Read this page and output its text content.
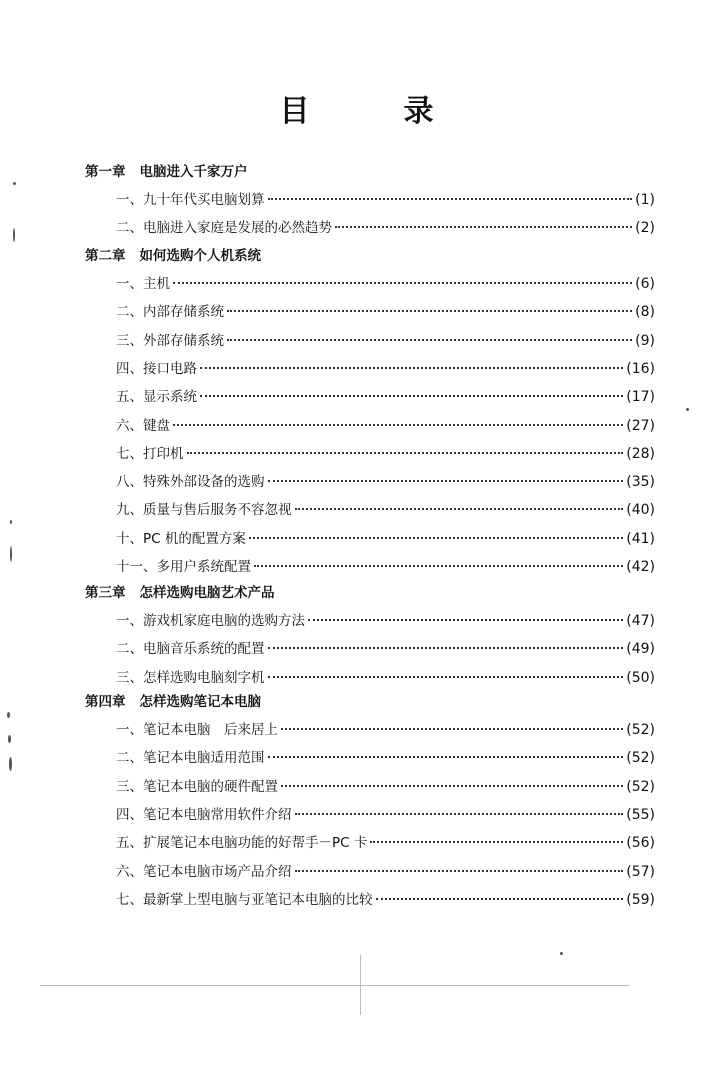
目　录
第一章 电脑进入千家万户
一、九十年代买电脑划算	(1)
二、电脑进入家庭是发展的必然趋势	(2)
第二章 如何选购个人机系统
一、主机	(6)
二、内部存储系统	(8)
三、外部存储系统	(9)
四、接口电路	(16)
五、显示系统	(17)
六、键盘	(27)
七、打印机	(28)
八、特殊外部设备的选购	(35)
九、质量与售后服务不容忽视	(40)
十、PC 机的配置方案	(41)
十一、多用户系统配置	(42)
第三章 怎样选购电脑艺术产品
一、游戏机家庭电脑的选购方法	(47)
二、电脑音乐系统的配置	(49)
三、怎样选购电脑刻字机	(50)
第四章 怎样选购笔记本电脑
一、笔记本电脑　后来居上	(52)
二、笔记本电脑适用范围	(52)
三、笔记本电脑的硬件配置	(52)
四、笔记本电脑常用软件介绍	(55)
五、扩展笔记本电脑功能的好帮手－PC 卡	(56)
六、笔记本电脑市场产品介绍	(57)
七、最新掌上型电脑与亚笔记本电脑的比较	(59)
